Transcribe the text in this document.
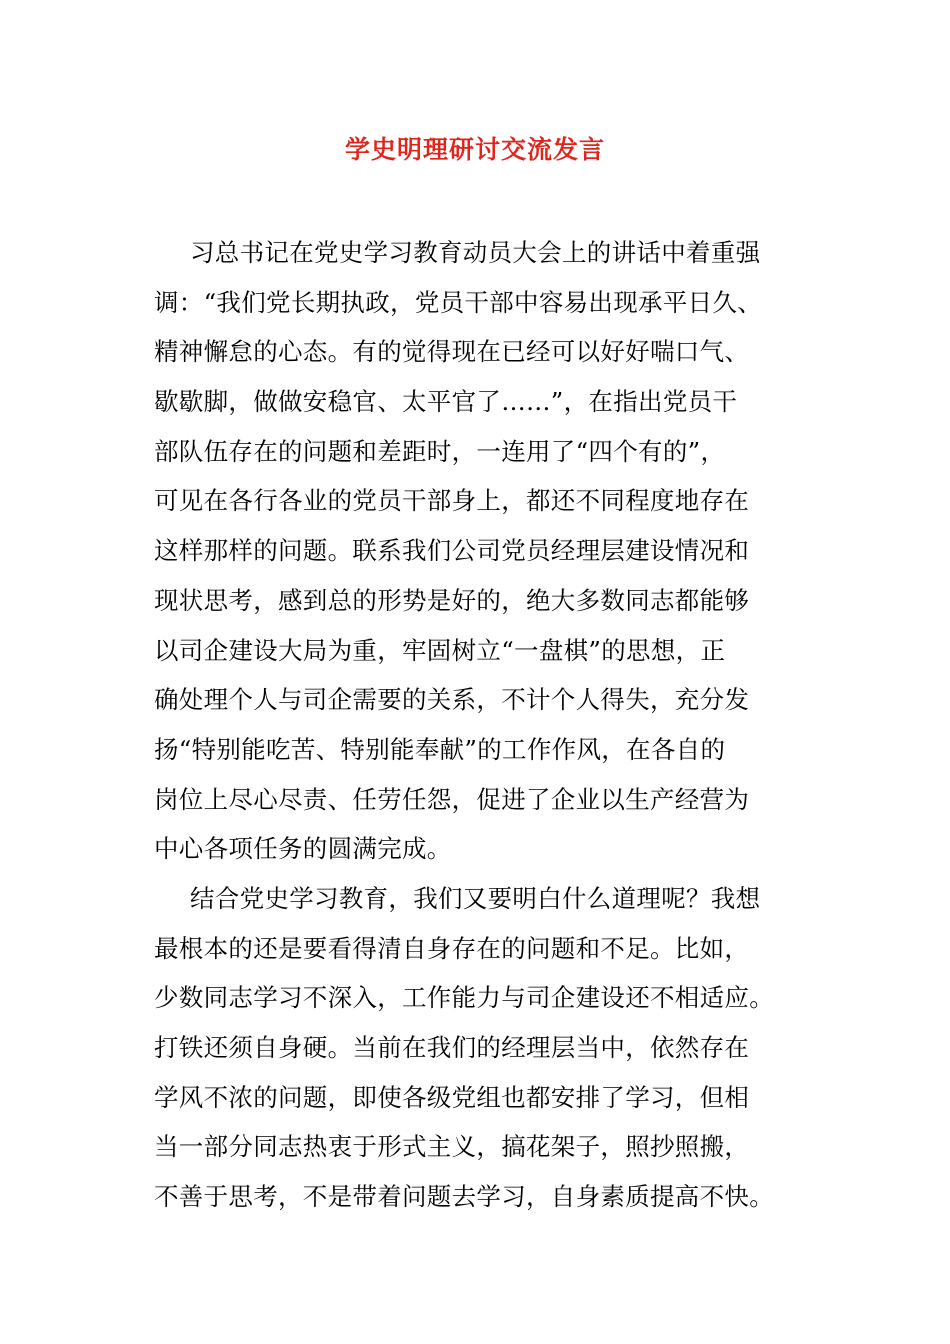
学史明理研讨交流发言
习总书记在党史学习教育动员大会上的讲话中着重强
调：“我们党长期执政，党员干部中容易出现承平日久、
精神懈怠的心态。有的觉得现在已经可以好好喘口气、
歇歇脚，做做安稳官、太平官了……”，在指出党员干
部队伍存在的问题和差距时，一连用了“四个有的”，
可见在各行各业的党员干部身上，都还不同程度地存在
这样那样的问题。联系我们公司党员经理层建设情况和
现状思考，感到总的形势是好的，绝大多数同志都能够
以司企建设大局为重，牢固树立“一盘棋”的思想，正
确处理个人与司企需要的关系，不计个人得失，充分发
扬“特别能吃苦、特别能奉献”的工作作风，在各自的
岗位上尽心尽责、任劳任怨，促进了企业以生产经营为
中心各项任务的圆满完成。
结合党史学习教育，我们又要明白什么道理呢？我想
最根本的还是要看得清自身存在的问题和不足。比如，
少数同志学习不深入，工作能力与司企建设还不相适应。
打铁还须自身硬。当前在我们的经理层当中，依然存在
学风不浓的问题，即使各级党组也都安排了学习，但相
当一部分同志热衷于形式主义，搞花架子，照抄照搬，
不善于思考，不是带着问题去学习，自身素质提高不快。
